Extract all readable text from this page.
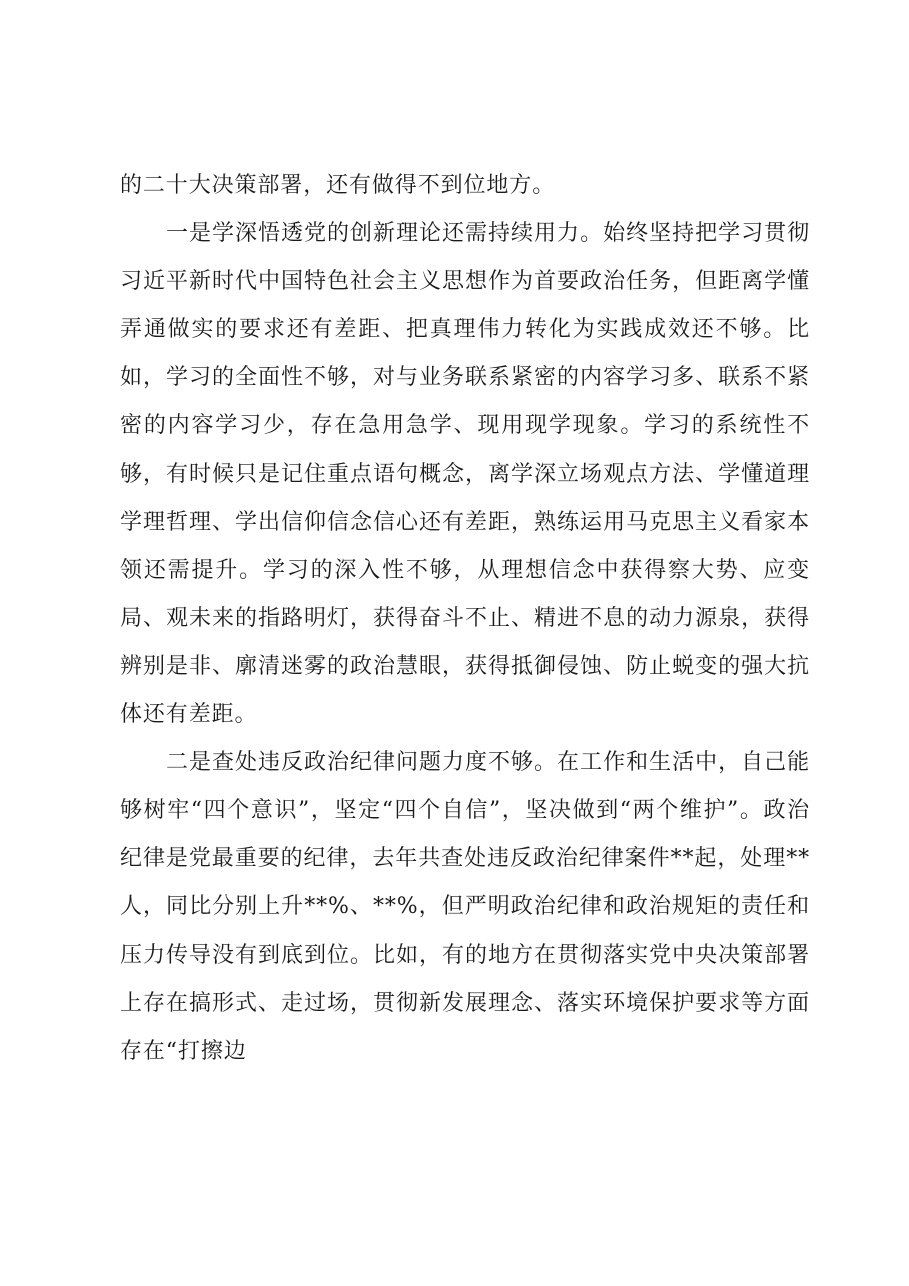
的二十大决策部署，还有做得不到位地方。

一是学深悟透党的创新理论还需持续用力。始终坚持把学习贯彻习近平新时代中国特色社会主义思想作为首要政治任务，但距离学懂弄通做实的要求还有差距、把真理伟力转化为实践成效还不够。比如，学习的全面性不够，对与业务联系紧密的内容学习多、联系不紧密的内容学习少，存在急用急学、现用现学现象。学习的系统性不够，有时候只是记住重点语句概念，离学深立场观点方法、学懂道理学理哲理、学出信仰信念信心还有差距，熟练运用马克思主义看家本领还需提升。学习的深入性不够，从理想信念中获得察大势、应变局、观未来的指路明灯，获得奋斗不止、精进不息的动力源泉，获得辨别是非、廓清迷雾的政治慧眼，获得抵御侵蚀、防止蜕变的强大抗体还有差距。

二是查处违反政治纪律问题力度不够。在工作和生活中，自己能够树牢“四个意识”，坚定“四个自信”，坚决做到“两个维护”。政治纪律是党最重要的纪律，去年共查处违反政治纪律案件**起，处理**人，同比分别上升**%、**%，但严明政治纪律和政治规矩的责任和压力传导没有到底到位。比如，有的地方在贯彻落实党中央决策部署上存在搞形式、走过场，贯彻新发展理念、落实环境保护要求等方面存在“打擦边
